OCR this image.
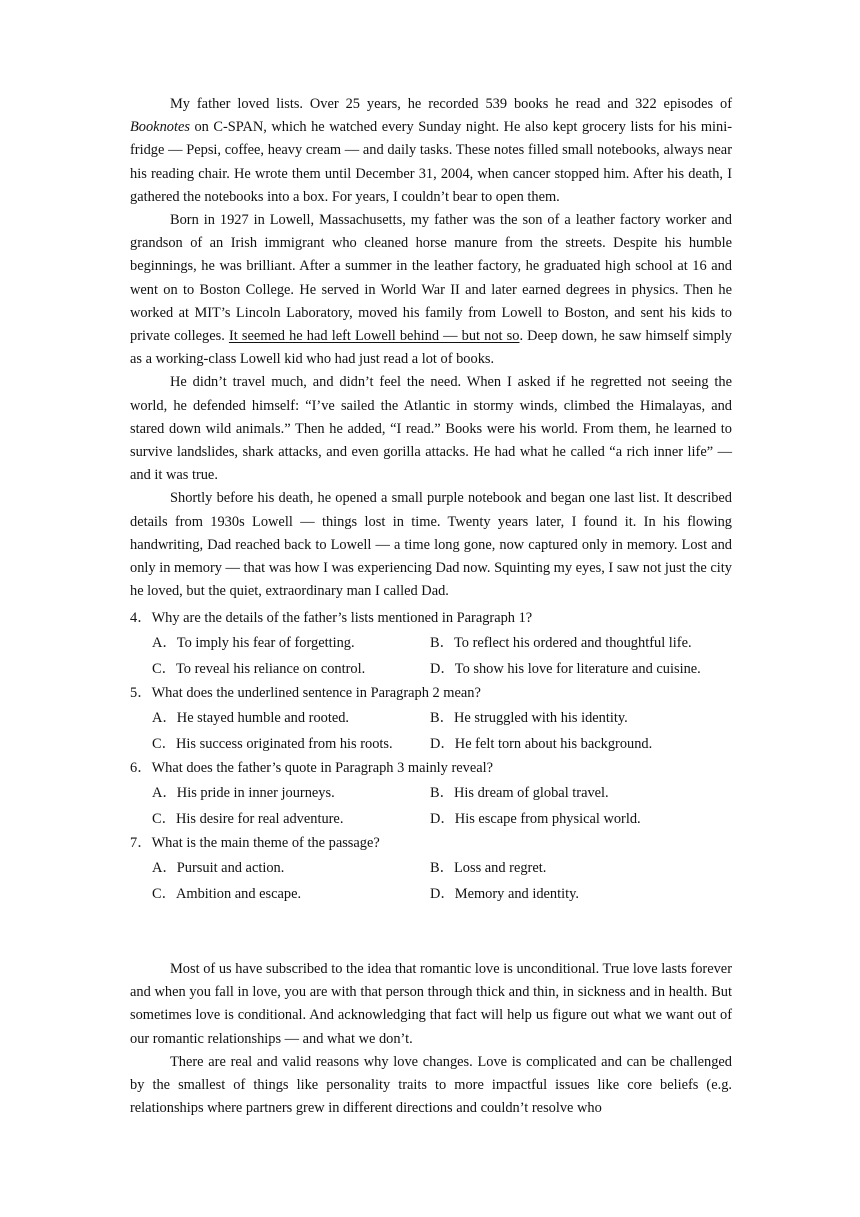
My father loved lists. Over 25 years, he recorded 539 books he read and 322 episodes of Booknotes on C-SPAN, which he watched every Sunday night. He also kept grocery lists for his mini-fridge — Pepsi, coffee, heavy cream — and daily tasks. These notes filled small notebooks, always near his reading chair. He wrote them until December 31, 2004, when cancer stopped him. After his death, I gathered the notebooks into a box. For years, I couldn’t bear to open them.

Born in 1927 in Lowell, Massachusetts, my father was the son of a leather factory worker and grandson of an Irish immigrant who cleaned horse manure from the streets. Despite his humble beginnings, he was brilliant. After a summer in the leather factory, he graduated high school at 16 and went on to Boston College. He served in World War II and later earned degrees in physics. Then he worked at MIT’s Lincoln Laboratory, moved his family from Lowell to Boston, and sent his kids to private colleges. It seemed he had left Lowell behind — but not so. Deep down, he saw himself simply as a working-class Lowell kid who had just read a lot of books.

He didn’t travel much, and didn’t feel the need. When I asked if he regretted not seeing the world, he defended himself: “I’ve sailed the Atlantic in stormy winds, climbed the Himalayas, and stared down wild animals.” Then he added, “I read.” Books were his world. From them, he learned to survive landslides, shark attacks, and even gorilla attacks. He had what he called “a rich inner life” — and it was true.

Shortly before his death, he opened a small purple notebook and began one last list. It described details from 1930s Lowell — things lost in time. Twenty years later, I found it. In his flowing handwriting, Dad reached back to Lowell — a time long gone, now captured only in memory. Lost and only in memory — that was how I was experiencing Dad now. Squinting my eyes, I saw not just the city he loved, but the quiet, extraordinary man I called Dad.

4．Why are the details of the father’s lists mentioned in Paragraph 1?
A．To imply his fear of forgetting.	B．To reflect his ordered and thoughtful life.
C．To reveal his reliance on control.	D．To show his love for literature and cuisine.
5．What does the underlined sentence in Paragraph 2 mean?
A．He stayed humble and rooted.	B．He struggled with his identity.
C．His success originated from his roots.	D．He felt torn about his background.
6．What does the father’s quote in Paragraph 3 mainly reveal?
A．His pride in inner journeys.	B．His dream of global travel.
C．His desire for real adventure.	D．His escape from physical world.
7．What is the main theme of the passage?
A．Pursuit and action.	B．Loss and regret.
C．Ambition and escape.	D．Memory and identity.

Most of us have subscribed to the idea that romantic love is unconditional. True love lasts forever and when you fall in love, you are with that person through thick and thin, in sickness and in health. But sometimes love is conditional. And acknowledging that fact will help us figure out what we want out of our romantic relationships — and what we don’t.

There are real and valid reasons why love changes. Love is complicated and can be challenged by the smallest of things like personality traits to more impactful issues like core beliefs (e.g. relationships where partners grew in different directions and couldn’t resolve who
